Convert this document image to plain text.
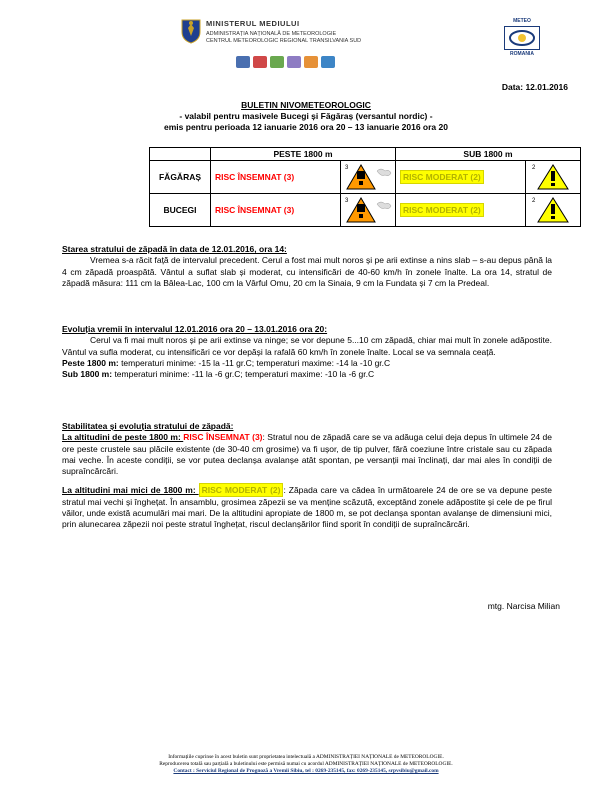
MINISTERUL MEDIULUI
ADMINISTRAȚIA NAȚIONALĂ DE METEOROLOGIE
CENTRUL METEOROLOGIC REGIONAL TRANSILVANIA SUD
METEO
ROMANIA
Data: 12.01.2016
BULETIN NIVOMETEOROLOGIC
- valabil pentru masivele Bucegi și Făgăraș (versantul nordic) -
emis pentru perioada 12 ianuarie 2016 ora 20 – 13 ianuarie 2016 ora 20
	PESTE 1800 m		SUB 1800 m	
FĂGĂRAȘ	RISC ÎNSEMNAT (3)	3	RISC MODERAT (2)	2

BUCEGI	RISC ÎNSEMNAT (3)	3	RISC MODERAT (2)	2
Starea stratului de zăpadă în data de 12.01.2016, ora 14:
Vremea s-a răcit față de intervalul precedent. Cerul a fost mai mult noros și pe arii extinse a nins slab – s-au depus până la 4 cm zăpadă proaspătă. Vântul a suflat slab și moderat, cu intensificări de 40-60 km/h în zonele înalte. La ora 14, stratul de zăpadă măsura: 111 cm la Bâlea-Lac, 100 cm la Vârful Omu, 20 cm la Sinaia, 9 cm la Fundata și 7 cm la Predeal.
Evoluția vremii în intervalul 12.01.2016 ora 20 – 13.01.2016 ora 20:
Cerul va fi mai mult noros și pe arii extinse va ninge; se vor depune 5...10 cm zăpadă, chiar mai mult în zonele adăpostite. Vântul va sufla moderat, cu intensificări ce vor depăși la rafală 60 km/h în zonele înalte. Local se va semnala ceață.
Peste 1800 m: temperaturi minime: -15 la -11 gr.C; temperaturi maxime: -14 la -10 gr.C
Sub 1800 m: temperaturi minime: -11 la -6 gr.C; temperaturi maxime: -10 la -6 gr.C
Stabilitatea și evoluția stratului de zăpadă:
La altitudini de peste 1800 m: RISC ÎNSEMNAT (3): Stratul nou de zăpadă care se va adăuga celui deja depus în ultimele 24 de ore peste crustele sau plăcile existente (de 30-40 cm grosime) va fi ușor, de tip pulver, fără coeziune între cristale sau cu zăpada mai veche. În aceste condiții, se vor putea declanșa avalanșe atât spontan, pe versanții mai înclinați, dar mai ales în condiții de supraîncărcări.
La altitudini mai mici de 1800 m: RISC MODERAT (2) : Zăpada care va cădea în următoarele 24 de ore se va depune peste stratul mai vechi și înghețat. În ansamblu, grosimea zăpezii se va menține scăzută, exceptând zonele adăpostite și cele de pe firul văilor, unde există acumulări mai mari. De la altitudini apropiate de 1800 m, se pot declanșa spontan avalanșe de dimensiuni mici, prin alunecarea zăpezii noi peste stratul înghețat, riscul declanșărilor fiind sporit în condiții de supraîncărcări.
mtg. Narcisa Milian
Informațiile cuprinse în acest buletin sunt proprietatea intelectuală a ADMINISTRAȚIEI NAȚIONALE de METEOROLOGIE.
Reproducerea totală sau parțială a buletinului este permisă numai cu acordul ADMINISTRAȚIEI NAȚIONALE de METEOROLOGIE.
Contact : Serviciul Regional de Prognoză a Vremii Sibiu, tel : 0269-235145, fax: 0269-235145, srpvsibiu@gmail.com
